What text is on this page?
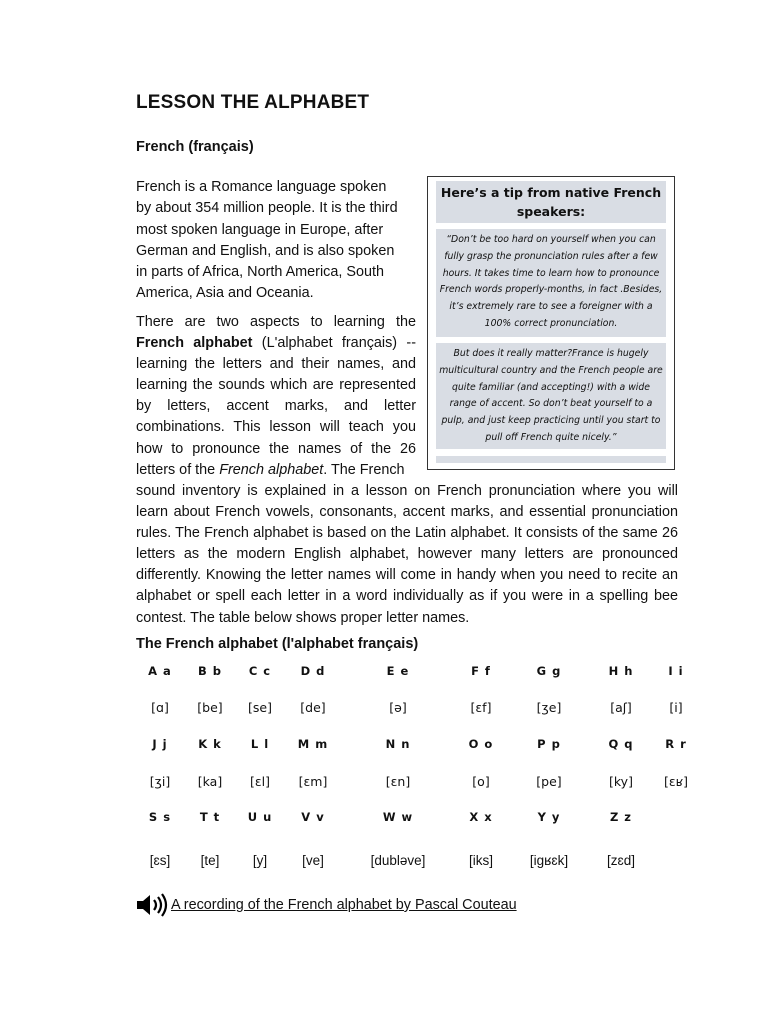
LESSON THE ALPHABET

French (français)

French is a Romance language spoken by about 354 million people. It is the third most spoken language in Europe, after German and English, and is also spoken in parts of Africa, North America, South America, Asia and Oceania.

Here’s a tip from native French speakers:
“Don’t be too hard on yourself when you can fully grasp the pronunciation rules after a few hours. It takes time to learn how to pronounce French words properly-months, in fact .Besides, it’s extremely rare to see a foreigner with a 100% correct pronunciation.
But does it really matter?France is hugely multicultural country and the French people are quite familiar (and accepting!) with a wide range of accent. So don’t beat yourself to a pulp, and just keep practicing until you start to pull off French quite nicely.”

There are two aspects to learning the French alphabet (L'alphabet français) -- learning the letters and their names, and learning the sounds which are represented by letters, accent marks, and letter combinations. This lesson will teach you how to pronounce the names of the 26 letters of the French alphabet. The French

sound inventory is explained in a lesson on French pronunciation where you will learn about French vowels, consonants, accent marks, and essential pronunciation rules. The French alphabet is based on the Latin alphabet. It consists of the same 26 letters as the modern English alphabet, however many letters are pronounced differently. Knowing the letter names will come in handy when you need to recite an alphabet or spell each letter in a word individually as if you were in a spelling bee contest. The table below shows proper letter names.

The French alphabet (l'alphabet français)

A a
[ɑ]
B b
[be]
C c
[se]
D d
[de]
E e
[ə]
F f
[ɛf]
G g
[ʒe]
H h
[aʃ]
I i
[i]
J j
[ʒi]
K k
[ka]
L l
[ɛl]
M m
[ɛm]
N n
[ɛn]
O o
[o]
P p
[pe]
Q q
[ky]
R r
[ɛʁ]
S s
[ɛs]
T t
[te]
U u
[y]
V v
[ve]
W w
[dubləve]
X x
[iks]
Y y
[igʁɛk]
Z z
[zɛd]
A recording of the French alphabet by Pascal Couteau
